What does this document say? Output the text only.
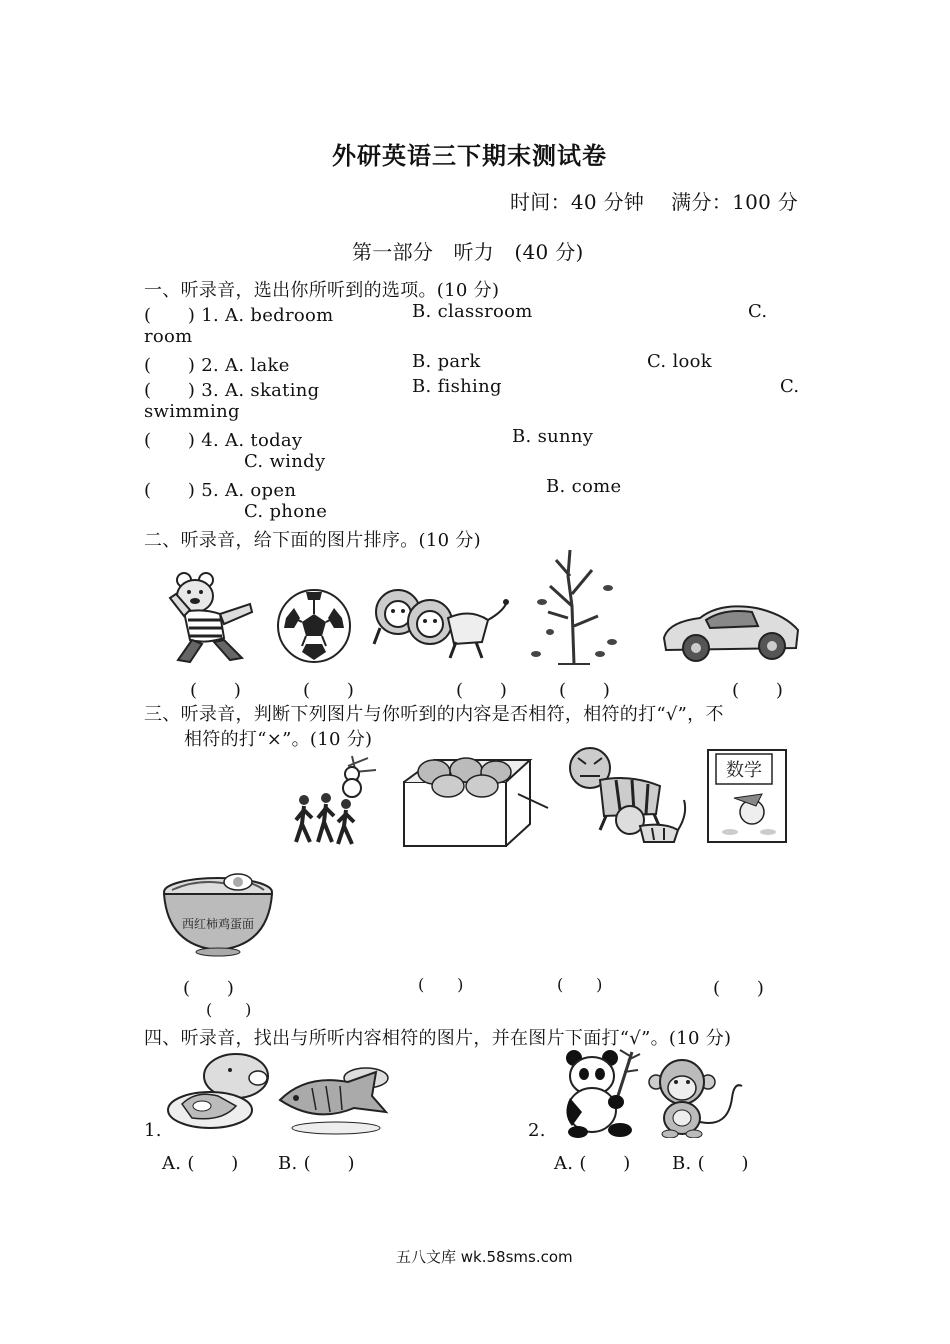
外研英语三下期末测试卷
时间：40 分钟　 满分：100 分
第一部分　听力　(40 分)
一、听录音，选出你所听到的选项。(10 分)
(　　) 1. A. bedroom	B. classroom	C.
room
(　　) 2. A. lake	B. park	C. look
(　　) 3. A. skating	B. fishing	C.
swimming
(　　) 4. A. today	B. sunny
C. windy
(　　) 5. A. open	B. come
C. phone
二、听录音，给下面的图片排序。(10 分)
(　　)	(　　)	(　　)	(　　)	(　　)
三、听录音，判断下列图片与你听到的内容是否相符，相符的打“√”，不
相符的打“×”。(10 分)
数学
西红柿鸡蛋面
(　　)	(　　)	(　　)	(　　)
(　　)
四、听录音，找出与所听内容相符的图片，并在图片下面打“√”。(10 分)
1.
A. (　　) B. (　　)
2.
A. (　　) B. (　　)
五八文库 wk.58sms.com
